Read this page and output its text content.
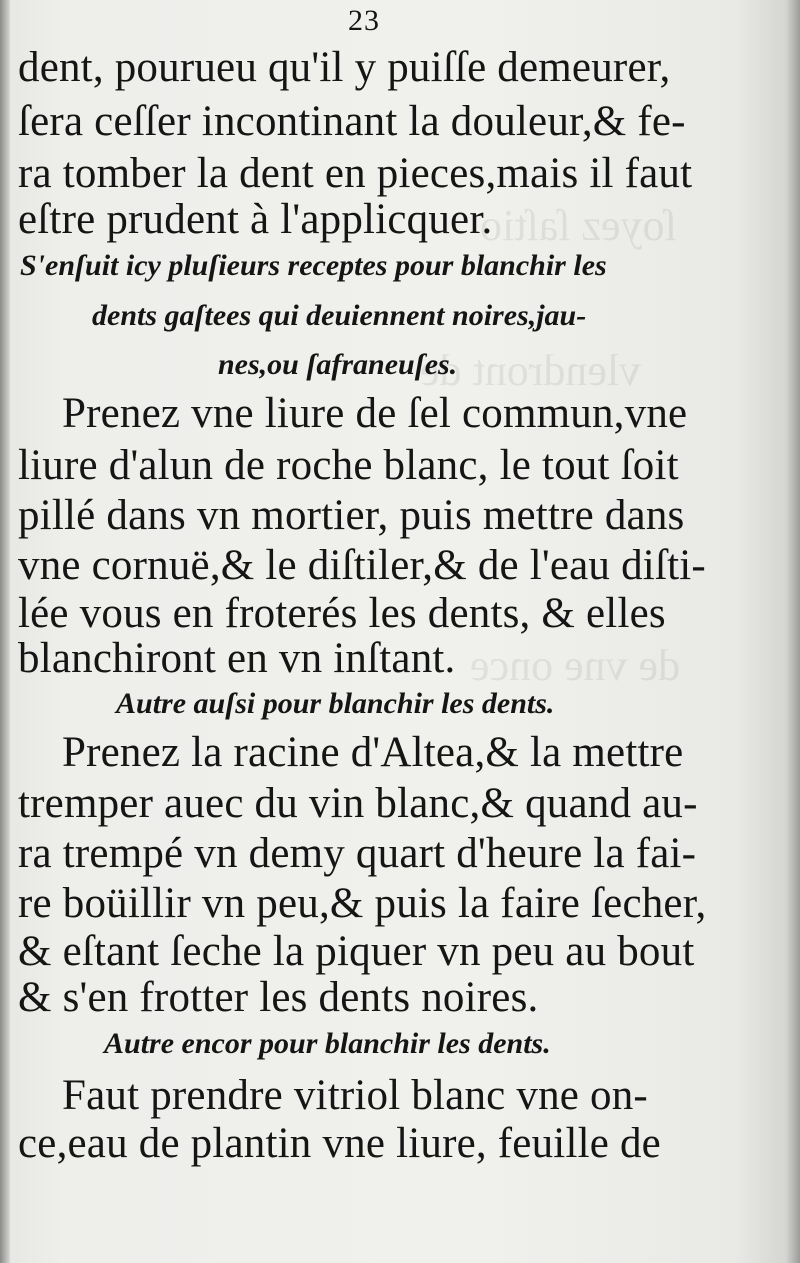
ſoyez ſaſtio
vlendront de
de vne once
23
dent, pourueu qu'il y puiſſe demeurer,
ſera ceſſer incontinant la douleur,& fe-
ra tomber la dent en pieces,mais il faut
eſtre prudent à l'applicquer.
S'enſuit icy pluſieurs receptes pour blanchir les
dents gaſtees qui deuiennent noires,jau-
nes,ou ſafraneuſes.
Prenez vne liure de ſel commun,vne
liure d'alun de roche blanc, le tout ſoit
pillé dans vn mortier, puis mettre dans
vne cornuë,& le diſtiler,& de l'eau diſti-
lée vous en froterés les dents, & elles
blanchiront en vn inſtant.
Autre auſsi pour blanchir les dents.
Prenez la racine d'Altea,& la mettre
tremper auec du vin blanc,& quand au-
ra trempé vn demy quart d'heure la fai-
re boüillir vn peu,& puis la faire ſecher,
& eſtant ſeche la piquer vn peu au bout
& s'en frotter les dents noires.
Autre encor pour blanchir les dents.
Faut prendre vitriol blanc vne on-
ce,eau de plantin vne liure, feuille de
